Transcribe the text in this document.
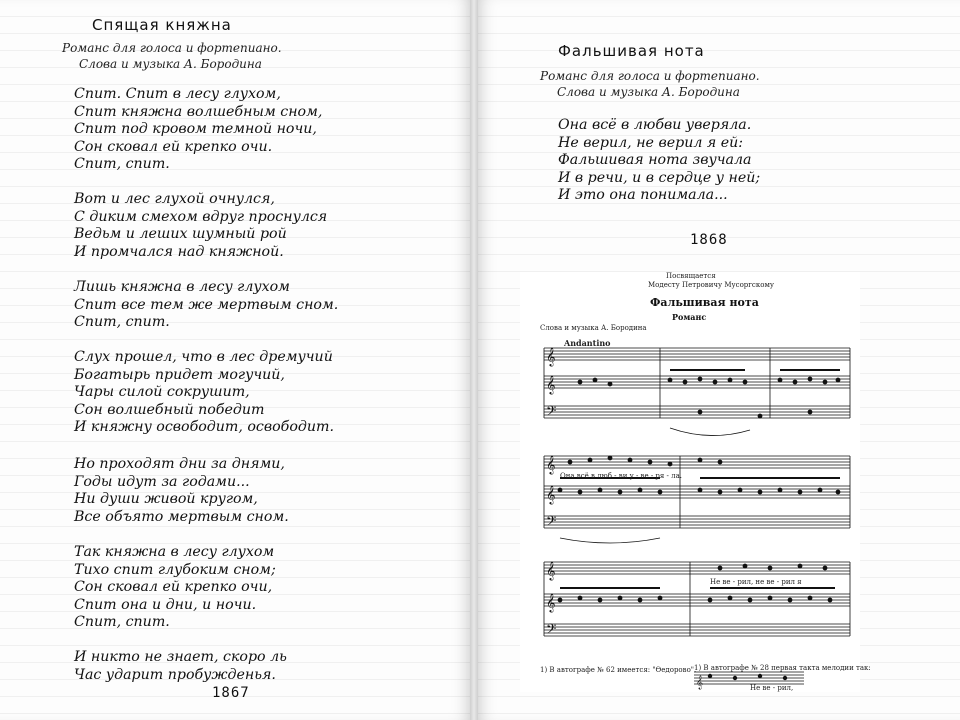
Спящая княжна
Романс для голоса и фортепиано.
Слова и музыка А. Бородина
Спит. Спит в лесу глухом,
Спит княжна волшебным сном,
Спит под кровом темной ночи,
Сон сковал ей крепко очи.
Спит, спит.
Вот и лес глухой очнулся,
С диким смехом вдруг проснулся
Ведьм и леших шумный рой
И промчался над княжной.
Лишь княжна в лесу глухом
Спит все тем же мертвым сном.
Спит, спит.
Слух прошел, что в лес дремучий
Богатырь придет могучий,
Чары силой сокрушит,
Сон волшебный победит
И княжну освободит, освободит.
Но проходят дни за днями,
Годы идут за годами...
Ни души живой кругом,
Все объято мертвым сном.
Так княжна в лесу глухом
Тихо спит глубоким сном;
Сон сковал ей крепко очи,
Спит она и дни, и ночи.
Спит, спит.
И никто не знает, скоро ль
Час ударит пробужденья.
1867
Фальшивая нота
Романс для голоса и фортепиано.
Слова и музыка А. Бородина
Она всё в любви уверяла.
Не верил, не верил я ей:
Фальшивая нота звучала
И в речи, и в сердце у ней;
И это она понимала...
1868
Посвящается
Модесту Петровичу Мусоргскому
Фальшивая нота
Романс
Слова и музыка А. Бородина
Andantino
𝄞
𝄞
𝄢
𝄞
𝄞
𝄢
𝄞
𝄞
𝄢
𝄞
Она всё в люб - ви у - ве - ря - ла.
Не ве - рил, не ве - рил я
1) В автографе № 62 имеется: "Ѳедорово".
1) В автографе № 28 первая такта мелодии так:
Не ве - рил,
